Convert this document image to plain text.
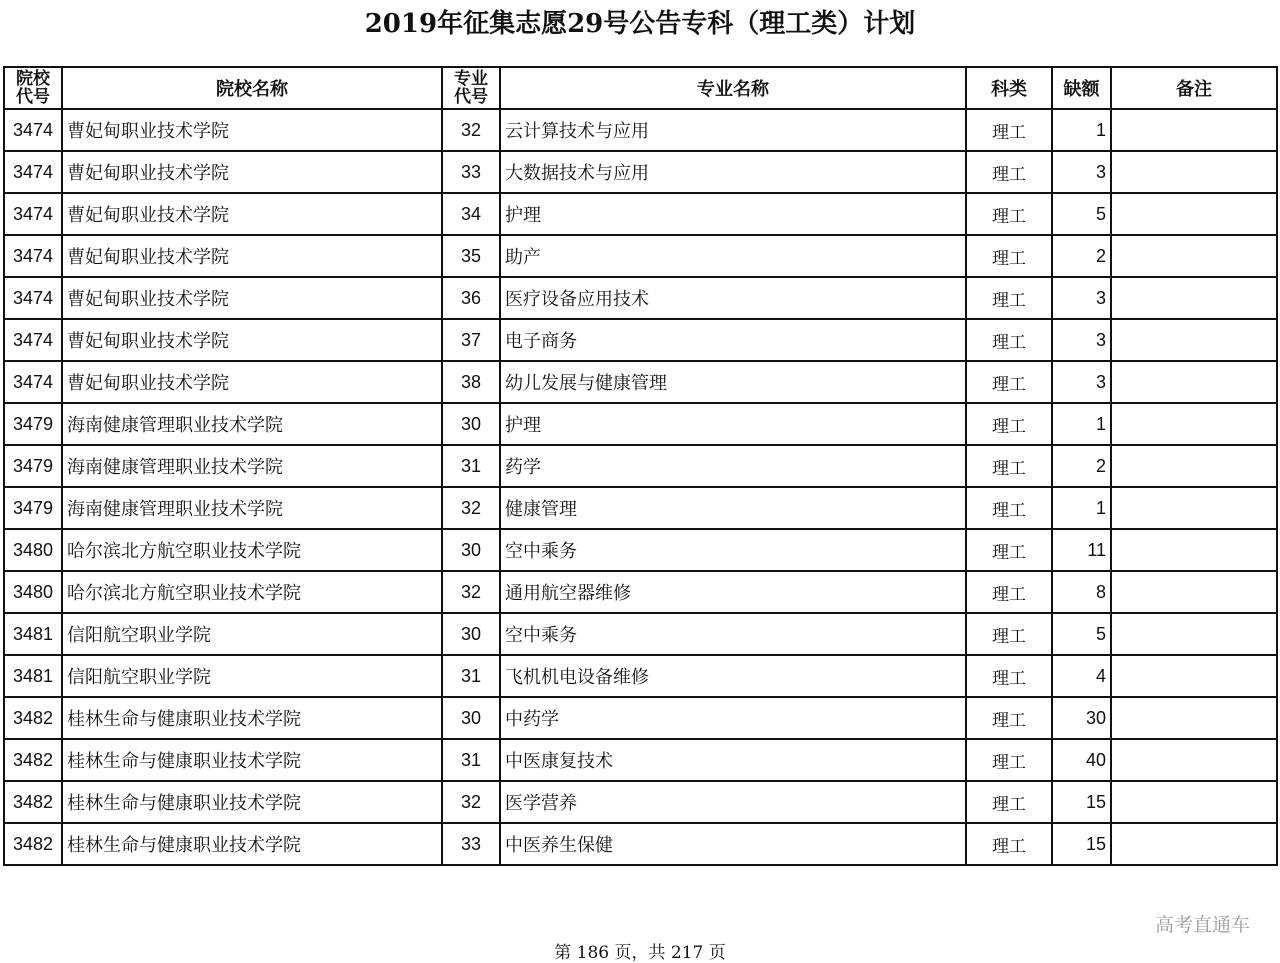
2019年征集志愿29号公告专科（理工类）计划
院校代号	院校名称	专业代号	专业名称	科类	缺额	备注
3474	曹妃甸职业技术学院	32	云计算技术与应用	理工	1	
3474	曹妃甸职业技术学院	33	大数据技术与应用	理工	3	
3474	曹妃甸职业技术学院	34	护理	理工	5	
3474	曹妃甸职业技术学院	35	助产	理工	2	
3474	曹妃甸职业技术学院	36	医疗设备应用技术	理工	3	
3474	曹妃甸职业技术学院	37	电子商务	理工	3	
3474	曹妃甸职业技术学院	38	幼儿发展与健康管理	理工	3	
3479	海南健康管理职业技术学院	30	护理	理工	1	
3479	海南健康管理职业技术学院	31	药学	理工	2	
3479	海南健康管理职业技术学院	32	健康管理	理工	1	
3480	哈尔滨北方航空职业技术学院	30	空中乘务	理工	11	
3480	哈尔滨北方航空职业技术学院	32	通用航空器维修	理工	8	
3481	信阳航空职业学院	30	空中乘务	理工	5	
3481	信阳航空职业学院	31	飞机机电设备维修	理工	4	
3482	桂林生命与健康职业技术学院	30	中药学	理工	30	
3482	桂林生命与健康职业技术学院	31	中医康复技术	理工	40	
3482	桂林生命与健康职业技术学院	32	医学营养	理工	15	
3482	桂林生命与健康职业技术学院	33	中医养生保健	理工	15	
高考直通车
第 186 页，共 217 页
